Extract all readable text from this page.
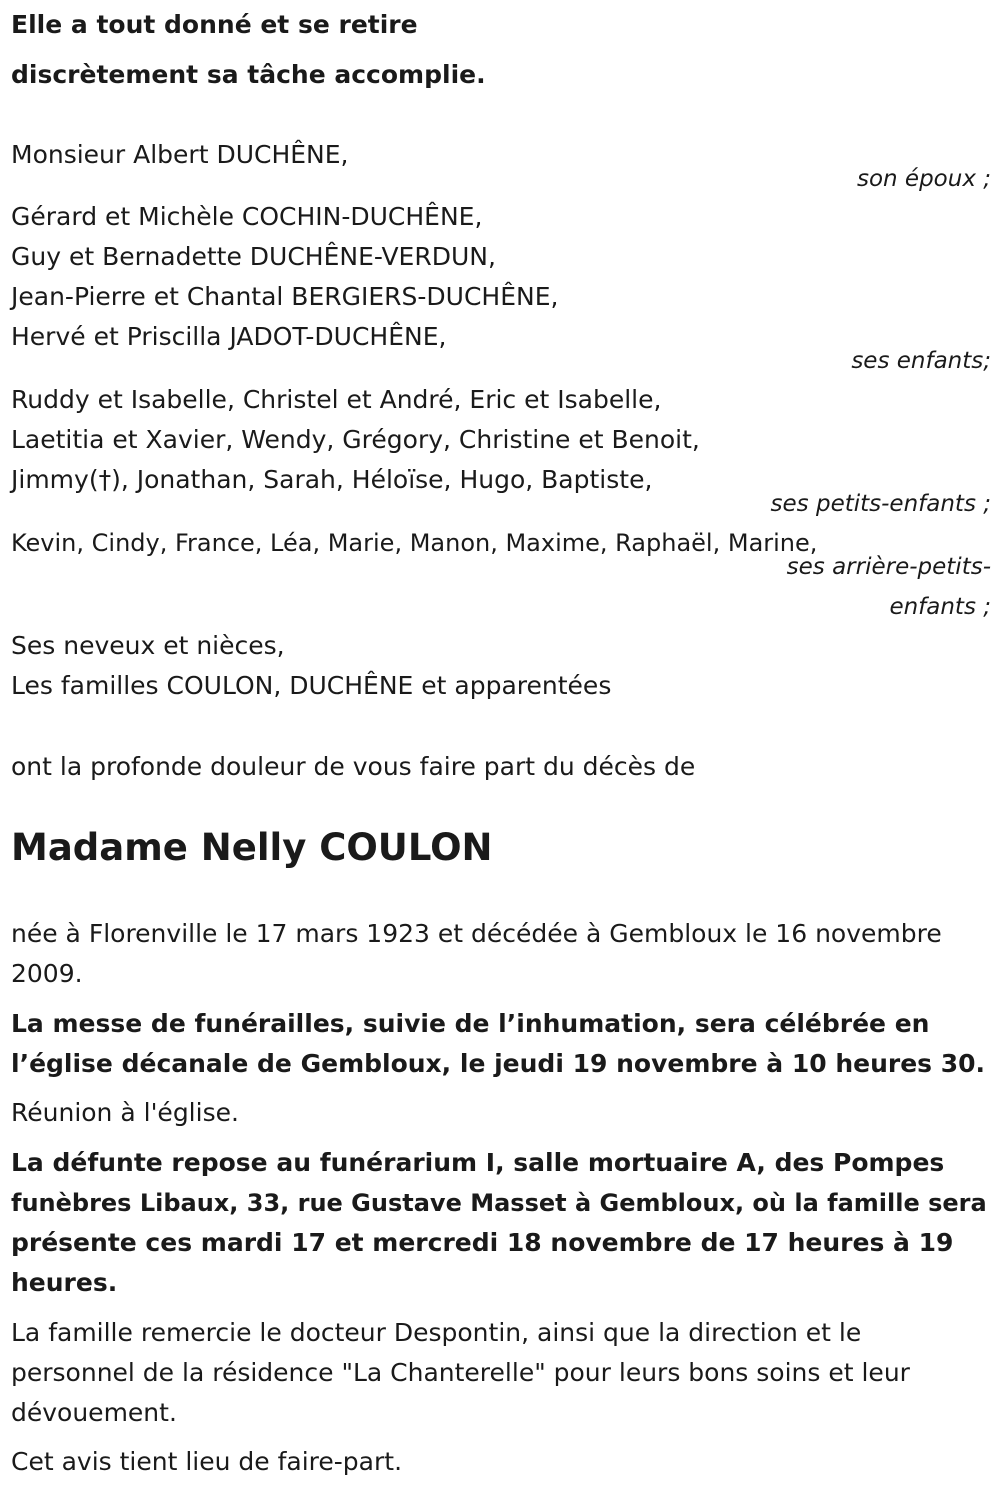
Elle a tout donné et se retire
discrètement sa tâche accomplie.
Monsieur Albert DUCHÊNE,
son époux ;
Gérard et Michèle COCHIN-DUCHÊNE,
Guy et Bernadette DUCHÊNE-VERDUN,
Jean-Pierre et Chantal BERGIERS-DUCHÊNE,
Hervé et Priscilla JADOT-DUCHÊNE,
ses enfants;
Ruddy et Isabelle, Christel et André, Eric et Isabelle,
Laetitia et Xavier, Wendy, Grégory, Christine et Benoit,
Jimmy(†), Jonathan, Sarah, Héloïse, Hugo, Baptiste,
ses petits-enfants ;
Kevin, Cindy, France, Léa, Marie, Manon, Maxime, Raphaël, Marine,
ses arrière-petits-
enfants ;
Ses neveux et nièces,
Les familles COULON, DUCHÊNE et apparentées
ont la profonde douleur de vous faire part du décès de
Madame Nelly COULON
née à Florenville le 17 mars 1923 et décédée à Gembloux le 16 novembre
2009.
La messe de funérailles, suivie de l’inhumation, sera célébrée en
l’église décanale de Gembloux, le jeudi 19 novembre à 10 heures 30.
Réunion à l'église.
La défunte repose au funérarium I, salle mortuaire A, des Pompes
funèbres Libaux, 33, rue Gustave Masset à Gembloux, où la famille sera
présente ces mardi 17 et mercredi 18 novembre de 17 heures à 19
heures.
La famille remercie le docteur Despontin, ainsi que la direction et le
personnel de la résidence "La Chanterelle" pour leurs bons soins et leur
dévouement.
Cet avis tient lieu de faire-part.
